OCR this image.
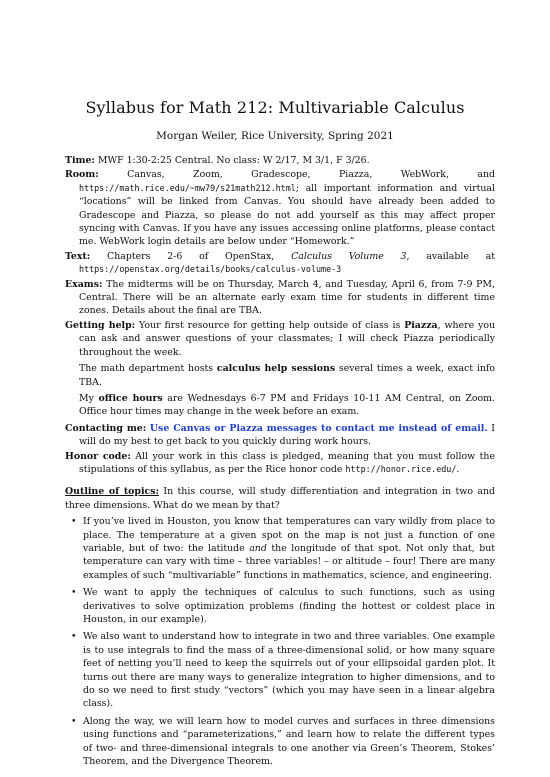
Syllabus for Math 212: Multivariable Calculus
Morgan Weiler, Rice University, Spring 2021
Time: MWF 1:30-2:25 Central. No class: W 2/17, M 3/1, F 3/26.
Room:	Canvas, Zoom, Gradescope, Piazza, WebWork, and https://math.rice.edu/~mw79/s21math212.html; all important information and virtual “locations” will be linked from Canvas. You should have already been added to Gradescope and Piazza, so please do not add yourself as this may affect proper syncing with Canvas. If you have any issues accessing online platforms, please contact me. WebWork login details are below under “Homework.”
Text: Chapters 2-6 of OpenStax, Calculus Volume 3, available at https://openstax.org/details/books/calculus-volume-3
Exams: The midterms will be on Thursday, March 4, and Tuesday, April 6, from 7-9 PM, Central. There will be an alternate early exam time for students in different time zones. Details about the final are TBA.
Getting help: Your first resource for getting help outside of class is Piazza, where you can ask and answer questions of your classmates; I will check Piazza periodically throughout the week.
The math department hosts calculus help sessions several times a week, exact info TBA.
My office hours are Wednesdays 6-7 PM and Fridays 10-11 AM Central, on Zoom. Office hour times may change in the week before an exam.
Contacting me: Use Canvas or Piazza messages to contact me instead of email. I will do my best to get back to you quickly during work hours.
Honor code: All your work in this class is pledged, meaning that you must follow the stipulations of this syllabus, as per the Rice honor code http://honor.rice.edu/.
Outline of topics: In this course, will study differentiation and integration in two and three dimensions. What do we mean by that?
• If you’ve lived in Houston, you know that temperatures can vary wildly from place to place. The temperature at a given spot on the map is not just a function of one variable, but of two: the latitude and the longitude of that spot. Not only that, but temperature can vary with time – three variables! – or altitude – four! There are many examples of such “multivariable” functions in mathematics, science, and engineering.
• We want to apply the techniques of calculus to such functions, such as using derivatives to solve optimization problems (finding the hottest or coldest place in Houston, in our example).
• We also want to understand how to integrate in two and three variables. One example is to use integrals to find the mass of a three-dimensional solid, or how many square feet of netting you’ll need to keep the squirrels out of your ellipsoidal garden plot. It turns out there are many ways to generalize integration to higher dimensions, and to do so we need to first study “vectors” (which you may have seen in a linear algebra class).
• Along the way, we will learn how to model curves and surfaces in three dimensions using functions and “parameterizations,” and learn how to relate the different types of two- and three-dimensional integrals to one another via Green’s Theorem, Stokes’ Theorem, and the Divergence Theorem.
